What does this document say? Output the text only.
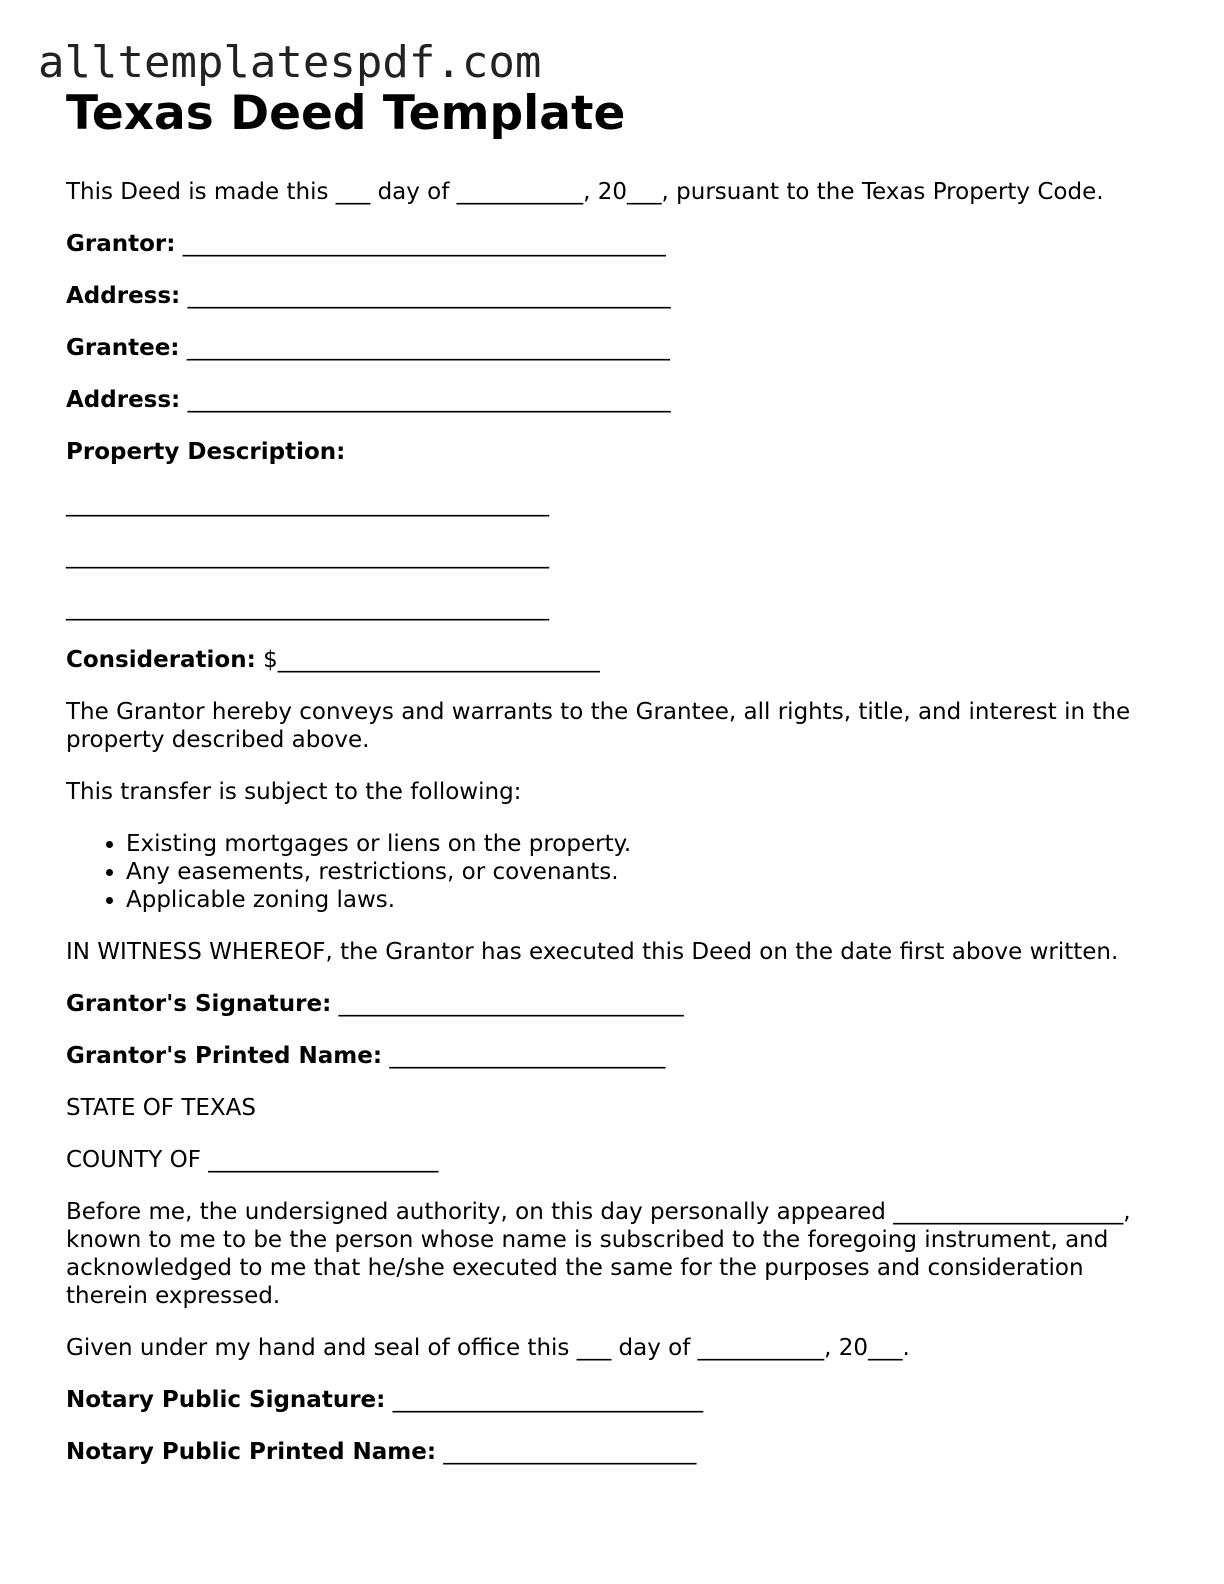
alltemplatespdf.com
Texas Deed Template

This Deed is made this ___ day of ___________, 20___, pursuant to the Texas Property Code.

Grantor: __________________________________________

Address: __________________________________________

Grantee: __________________________________________

Address: __________________________________________

Property Description:

__________________________________________

__________________________________________

__________________________________________

Consideration: $____________________________

The Grantor hereby conveys and warrants to the Grantee, all rights, title, and interest in the property described above.

This transfer is subject to the following:

• Existing mortgages or liens on the property.
• Any easements, restrictions, or covenants.
• Applicable zoning laws.

IN WITNESS WHEREOF, the Grantor has executed this Deed on the date first above written.

Grantor's Signature: ______________________________

Grantor's Printed Name: ________________________

STATE OF TEXAS

COUNTY OF ____________________

Before me, the undersigned authority, on this day personally appeared ____________________, known to me to be the person whose name is subscribed to the foregoing instrument, and acknowledged to me that he/she executed the same for the purposes and consideration therein expressed.

Given under my hand and seal of office this ___ day of ___________, 20___.

Notary Public Signature: ___________________________

Notary Public Printed Name: ______________________
